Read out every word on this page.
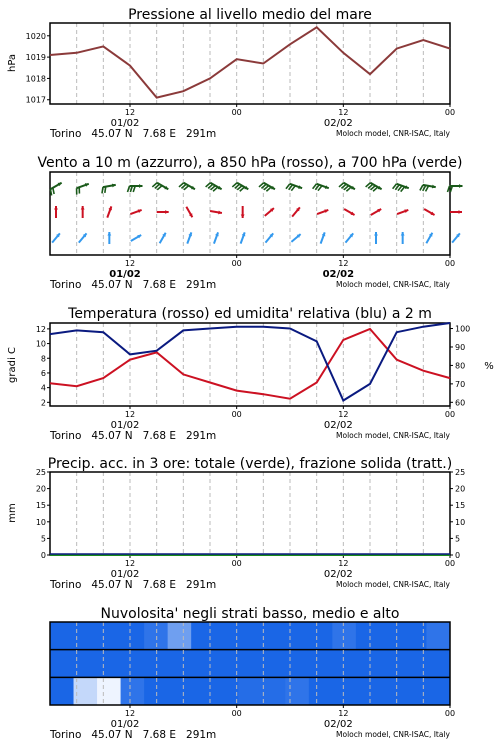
Pressione al livello medio del mare
hPa
12	00	12	00
01/02	02/02
Torino   45.07 N   7.68 E   291m	Moloch model, CNR-ISAC, Italy
1017
1018
1019
1020
Vento a 10 m (azzurro), a 850 hPa (rosso), a 700 hPa (verde)
12	00	12	00
01/02	02/02
Torino   45.07 N   7.68 E   291m	Moloch model, CNR-ISAC, Italy
Temperatura (rosso) ed umidita' relativa (blu) a 2 m
gradi C	%
12	00	12	00
01/02	02/02
Torino   45.07 N   7.68 E   291m	Moloch model, CNR-ISAC, Italy
2
4
6
8
10
12
60
70
80
90
100
Precip. acc. in 3 ore: totale (verde), frazione solida (tratt.)
mm
12	00	12	00
01/02	02/02
Torino   45.07 N   7.68 E   291m	Moloch model, CNR-ISAC, Italy
0
5
10
15
20
25
0
5
10
15
20
25
Nuvolosita' negli strati basso, medio e alto
12	00	12	00
01/02	02/02
Torino   45.07 N   7.68 E   291m	Moloch model, CNR-ISAC, Italy
